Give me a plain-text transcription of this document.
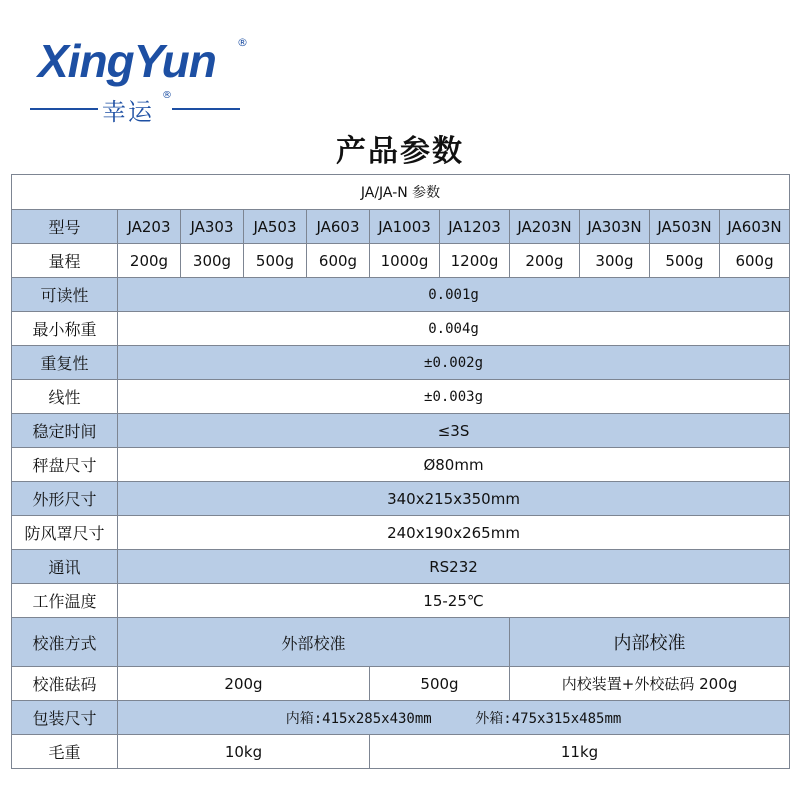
XingYun ®
幸运
®
产品参数
JA/JA-N 参数										
型号	JA203	JA303	JA503	JA603	JA1003	JA1203	JA203N	JA303N	JA503N	JA603N
量程	200g	300g	500g	600g	1000g	1200g	200g	300g	500g	600g
可读性	0.001g									
最小称重	0.004g									
重复性	±0.002g									
线性	±0.003g									
稳定时间	≤3S									
秤盘尺寸	Ø80mm									
外形尺寸	340x215x350mm									
防风罩尺寸	240x190x265mm									
通讯	RS232									
工作温度	15-25℃									
校准方式	外部校准						内部校准			
校准砝码	200g				500g		内校装置+外校砝码 200g			
包装尺寸	内箱:415x285x430mm 外箱:475x315x485mm									
毛重	10kg				11kg					
